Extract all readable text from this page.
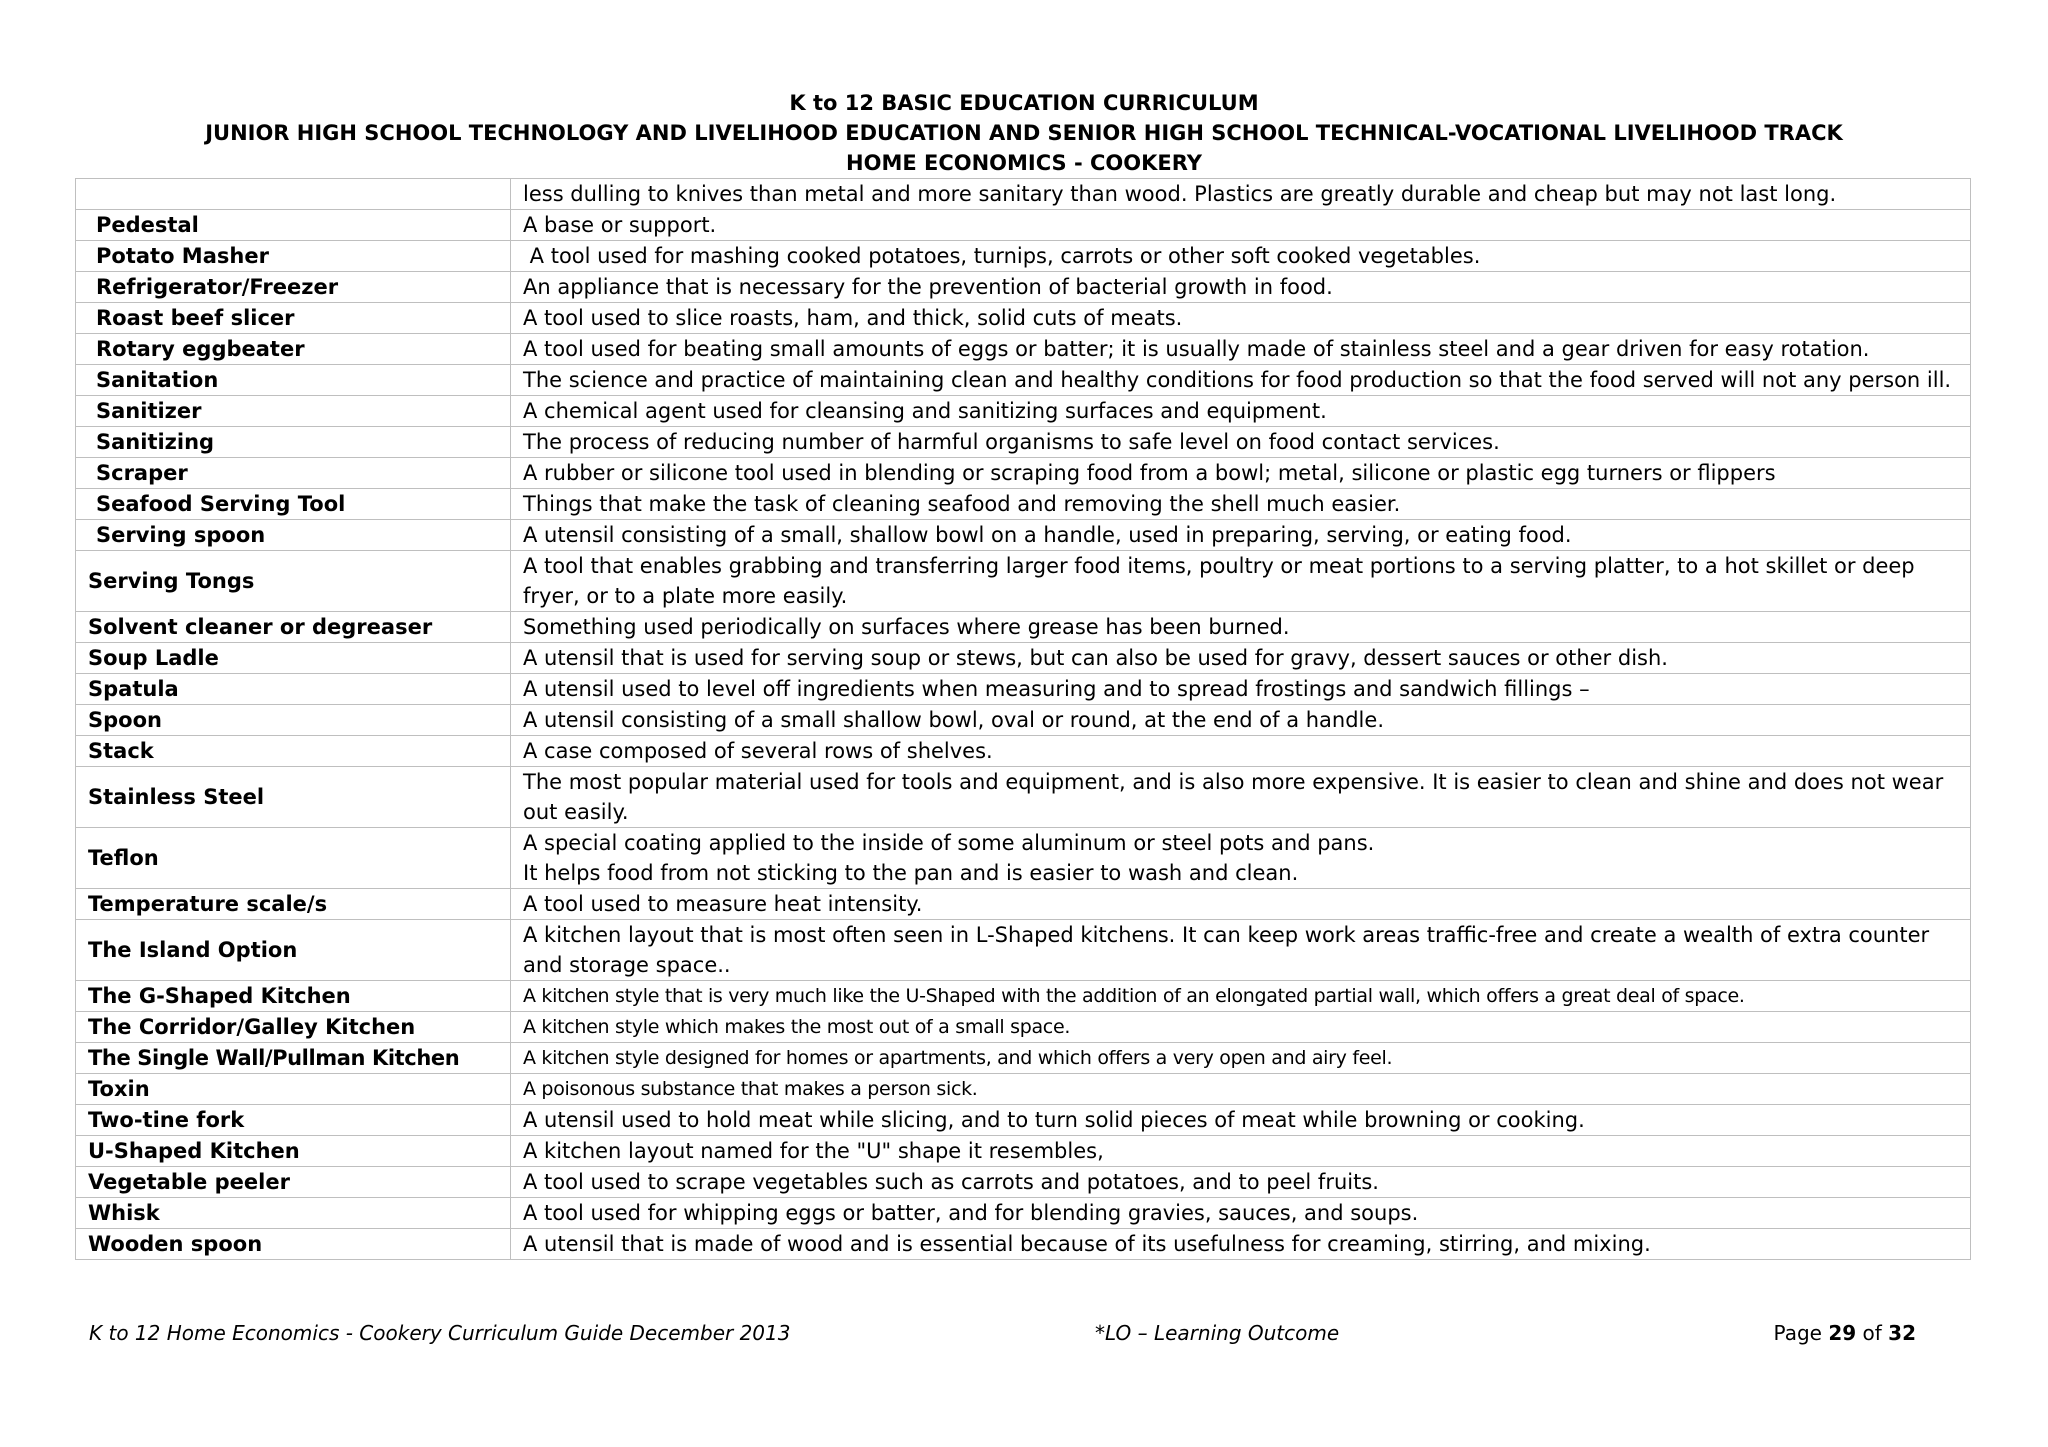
K to 12 BASIC EDUCATION CURRICULUM
JUNIOR HIGH SCHOOL TECHNOLOGY AND LIVELIHOOD EDUCATION AND SENIOR HIGH SCHOOL TECHNICAL-VOCATIONAL LIVELIHOOD TRACK
HOME ECONOMICS - COOKERY
	less dulling to knives than metal and more sanitary than wood. Plastics are greatly durable and cheap but may not last long.
Pedestal	A base or support.
Potato Masher	A tool used for mashing cooked potatoes, turnips, carrots or other soft cooked vegetables.
Refrigerator/Freezer	An appliance that is necessary for the prevention of bacterial growth in food.
Roast beef slicer	A tool used to slice roasts, ham, and thick, solid cuts of meats.
Rotary eggbeater	A tool used for beating small amounts of eggs or batter; it is usually made of stainless steel and a gear driven for easy rotation.
Sanitation	The science and practice of maintaining clean and healthy conditions for food production so that the food served will not any person ill.
Sanitizer	A chemical agent used for cleansing and sanitizing surfaces and equipment.
Sanitizing	The process of reducing number of harmful organisms to safe level on food contact services.
Scraper	A rubber or silicone tool used in blending or scraping food from a bowl; metal, silicone or plastic egg turners or flippers
Seafood Serving Tool	Things that make the task of cleaning seafood and removing the shell much easier.
Serving spoon	A utensil consisting of a small, shallow bowl on a handle, used in preparing, serving, or eating food.
Serving Tongs	A tool that enables grabbing and transferring larger food items, poultry or meat portions to a serving platter, to a hot skillet or deep fryer, or to a plate more easily.
Solvent cleaner or degreaser	Something used periodically on surfaces where grease has been burned.
Soup Ladle	A utensil that is used for serving soup or stews, but can also be used for gravy, dessert sauces or other dish.
Spatula	A utensil used to level off ingredients when measuring and to spread frostings and sandwich fillings –
Spoon	A utensil consisting of a small shallow bowl, oval or round, at the end of a handle.
Stack	A case composed of several rows of shelves.
Stainless Steel	The most popular material used for tools and equipment, and is also more expensive. It is easier to clean and shine and does not wear out easily.
Teflon	A special coating applied to the inside of some aluminum or steel pots and pans.
It helps food from not sticking to the pan and is easier to wash and clean.

Temperature scale/s	A tool used to measure heat intensity.
The Island Option	A kitchen layout that is most often seen in L-Shaped kitchens. It can keep work areas traffic-free and create a wealth of extra counter and storage space..
The G-Shaped Kitchen	A kitchen style that is very much like the U-Shaped with the addition of an elongated partial wall, which offers a great deal of space.
The Corridor/Galley Kitchen	A kitchen style which makes the most out of a small space.
The Single Wall/Pullman Kitchen	A kitchen style designed for homes or apartments, and which offers a very open and airy feel.
Toxin	A poisonous substance that makes a person sick.
Two-tine fork	A utensil used to hold meat while slicing, and to turn solid pieces of meat while browning or cooking.
U-Shaped Kitchen	A kitchen layout named for the "U" shape it resembles,
Vegetable peeler	A tool used to scrape vegetables such as carrots and potatoes, and to peel fruits.
Whisk	A tool used for whipping eggs or batter, and for blending gravies, sauces, and soups.
Wooden spoon	A utensil that is made of wood and is essential because of its usefulness for creaming, stirring, and mixing.
K to 12 Home Economics - Cookery Curriculum Guide December 2013	*LO – Learning Outcome	Page 29 of 32
